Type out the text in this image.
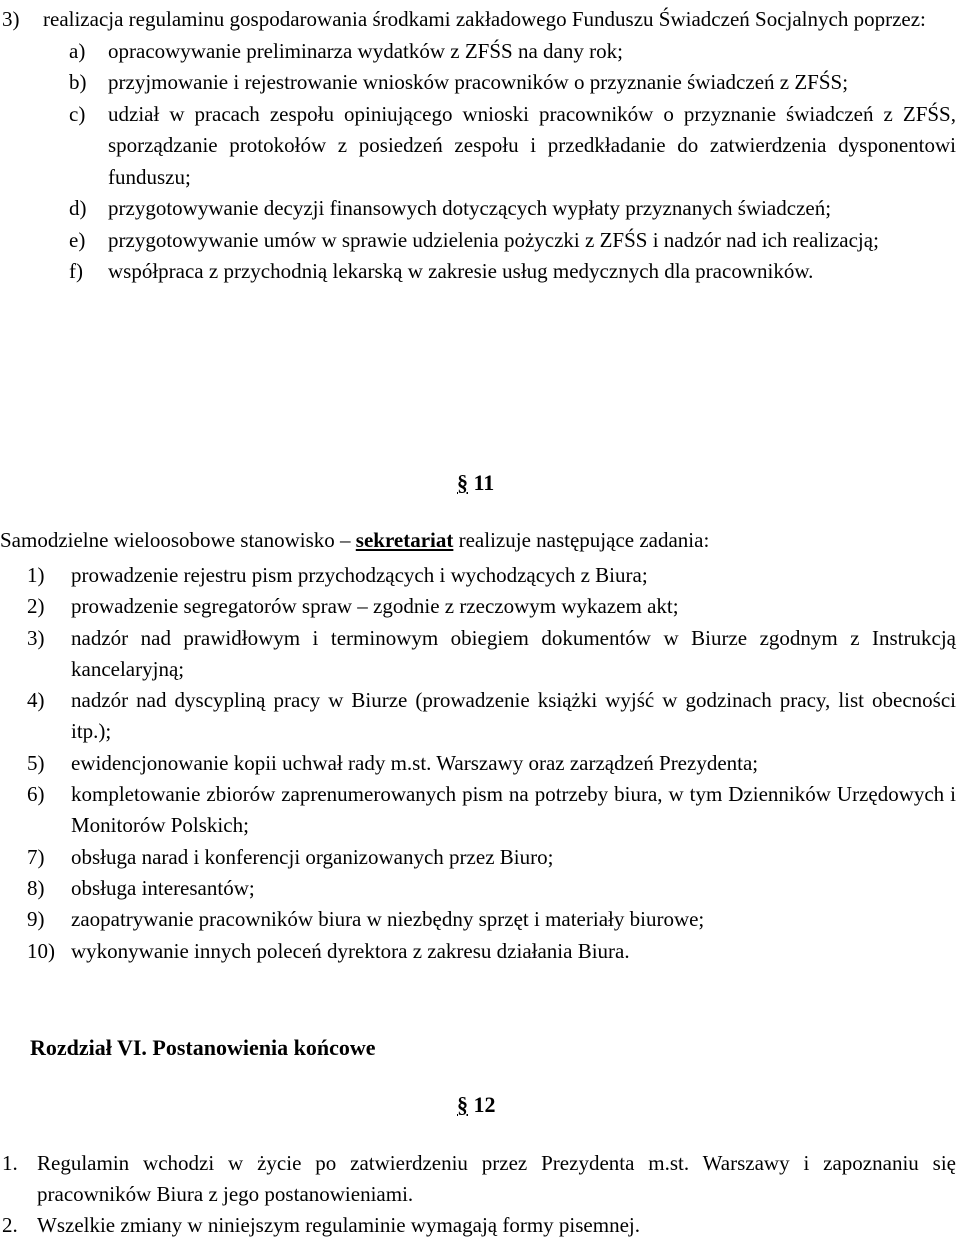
3) realizacja regulaminu gospodarowania środkami zakładowego Funduszu Świadczeń Socjalnych poprzez:
a) opracowywanie preliminarza wydatków z ZFŚS na dany rok;
b) przyjmowanie i rejestrowanie wniosków pracowników o przyznanie świadczeń z ZFŚS;
c) udział w pracach zespołu opiniującego wnioski pracowników o przyznanie świadczeń z ZFŚS, sporządzanie protokołów z posiedzeń zespołu i przedkładanie do zatwierdzenia dysponentowi funduszu;
d) przygotowywanie decyzji finansowych dotyczących wypłaty przyznanych świadczeń;
e) przygotowywanie umów w sprawie udzielenia pożyczki z ZFŚS i nadzór nad ich realizacją;
f) współpraca z przychodnią lekarską w zakresie usług medycznych dla pracowników.
§ 11
Samodzielne wieloosobowe stanowisko – sekretariat realizuje następujące zadania:
1) prowadzenie rejestru pism przychodzących i wychodzących z Biura;
2) prowadzenie segregatorów spraw – zgodnie z rzeczowym wykazem akt;
3) nadzór nad prawidłowym i terminowym obiegiem dokumentów w Biurze zgodnym z Instrukcją kancelaryjną;
4) nadzór nad dyscypliną pracy w Biurze (prowadzenie książki wyjść w godzinach pracy, list obecności itp.);
5) ewidencjonowanie kopii uchwał rady m.st. Warszawy oraz zarządzeń Prezydenta;
6) kompletowanie zbiorów zaprenumerowanych pism na potrzeby biura, w tym Dzienników Urzędowych i Monitorów Polskich;
7) obsługa narad i konferencji organizowanych przez Biuro;
8) obsługa interesantów;
9) zaopatrywanie pracowników biura w niezbędny sprzęt i materiały biurowe;
10) wykonywanie innych poleceń dyrektora z zakresu działania Biura.
Rozdział VI. Postanowienia końcowe
§ 12
1. Regulamin wchodzi w życie po zatwierdzeniu przez Prezydenta m.st. Warszawy i zapoznaniu się pracowników Biura z jego postanowieniami.
2. Wszelkie zmiany w niniejszym regulaminie wymagają formy pisemnej.
